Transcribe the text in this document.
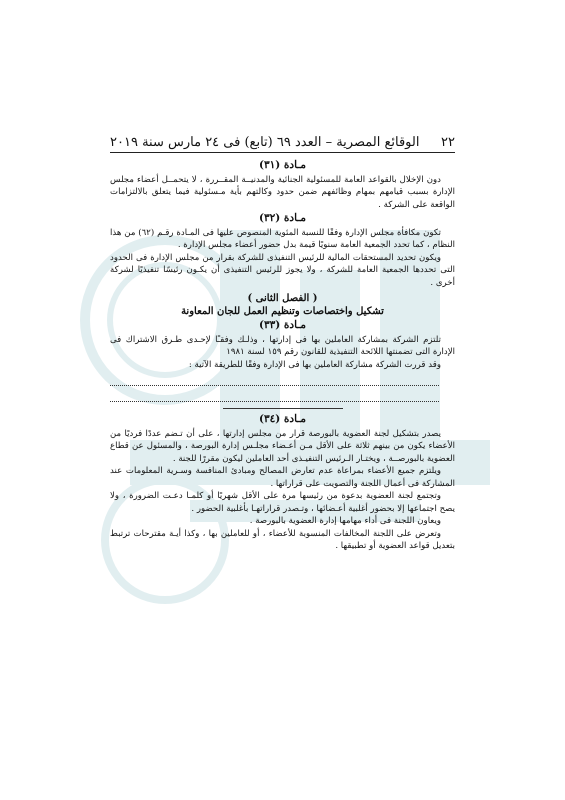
٢٢
الوقائع المصرية – العدد ٦٩ (تابع) فى ٢٤ مارس سنة ٢٠١٩
مـادة (٣١)

دون الإخلال بالقواعد العامة للمسئولية الجنائية والمدنيــة المقــررة ، لا يتحمــل أعضاء مجلس الإدارة بسبب قيامهم بمهام وظائفهم ضمن حدود وكالتهم بأية مـسئولية فيما يتعلق بالالتزامات الواقعة على الشركة .

مـادة (٣٢)

تكون مكافأة مجلس الإدارة وفقًا للنسبة المئوية المنصوص عليها فى المـادة رقـم (٦٢) من هذا النظام ، كما تحدد الجمعية العامة سنويًا قيمة بدل حضور أعضاء مجلس الإدارة .

ويكون تحديد المستحقات المالية للرئيس التنفيذى للشركة بقرار من مجلس الإدارة فى الحدود التى تحددها الجمعية العامة للشركة ، ولا يجوز للرئيس التنفيذى أن يكـون رئيسًا تنفيذيًا لشركة أخرى .

( الفصل الثانى )
تشكيل واختصاصات وتنظيم العمل للجان المعاونة
مـادة (٣٣)

تلتزم الشركة بمشاركة العاملين بها فى إدارتها ، وذلـك وفقـًا لإحـدى طـرق الاشتراك فى الإدارة التى تضمنتها اللائحة التنفيذية للقانون رقم ١٥٩ لسنة ١٩٨١

وقد قررت الشركة مشاركة العاملين بها فى الإدارة وفقًا للطريقة الآتية :

مـادة (٣٤)

يصدر بتشكيل لجنة العضوية بالبورصة قرار من مجلس إدارتها ، على أن تـضم عددًا فرديًا من الأعضاء يكون من بينهم ثلاثة على الأقل مـن أعـضاء مجلـس إدارة البورصة ، والمسئول عن قطاع العضوية بالبورصــة ، ويختـار الـرئيس التنفيـذى أحد العاملين ليكون مقررًا للجنة .

ويلتزم جميع الأعضاء بمراعاة عدم تعارض المصالح ومبادئ المنافسة وسـرية المعلومات عند المشاركة فى أعمال اللجنة والتصويت على قراراتها .

وتجتمع لجنة العضوية بدعوة من رئيسها مرة على الأقل شهريًا أو كلمـا دعـت الضرورة ، ولا يصح اجتماعها إلا بحضور أغلبية أعـضائها ، وتـصدر قراراتهـا بأغلبية الحضور .

ويعاون اللجنة فى أداء مهامها إدارة العضوية بالبورصة .

وتعرض على اللجنة المخالفات المنسوبة للأعضاء ، أو للعاملين بها ، وكذا أيـة مقترحات ترتبط بتعديل قواعد العضوية أو تطبيقها .
